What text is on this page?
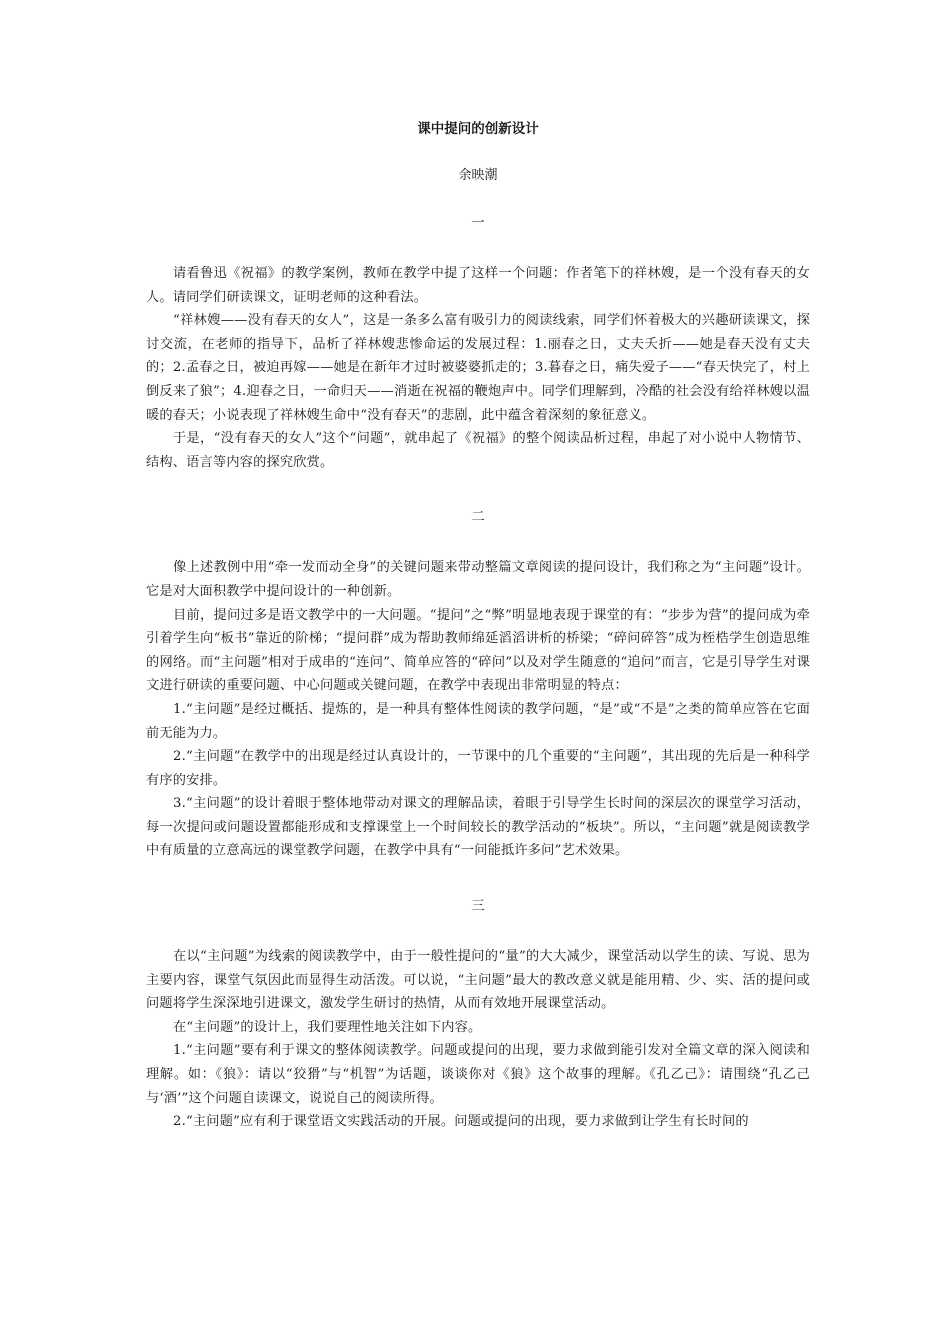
课中提问的创新设计
余映潮
一

请看鲁迅《祝福》的教学案例，教师在教学中提了这样一个问题：作者笔下的祥林嫂，是一个没有春天的女人。请同学们研读课文，证明老师的这种看法。

“祥林嫂——没有春天的女人”，这是一条多么富有吸引力的阅读线索，同学们怀着极大的兴趣研读课文，探讨交流，在老师的指导下，品析了祥林嫂悲惨命运的发展过程：1.丽春之日，丈夫夭折——她是春天没有丈夫的；2.孟春之日，被迫再嫁——她是在新年才过时被婆婆抓走的；3.暮春之日，痛失爱子——“春天快完了，村上倒反来了狼”；4.迎春之日，一命归天——消逝在祝福的鞭炮声中。同学们理解到，冷酷的社会没有给祥林嫂以温暖的春天；小说表现了祥林嫂生命中“没有春天”的悲剧，此中蕴含着深刻的象征意义。

于是，“没有春天的女人”这个“问题”，就串起了《祝福》的整个阅读品析过程，串起了对小说中人物情节、结构、语言等内容的探究欣赏。

二

像上述教例中用“牵一发而动全身”的关键问题来带动整篇文章阅读的提问设计，我们称之为“主问题”设计。它是对大面积教学中提问设计的一种创新。

目前，提问过多是语文教学中的一大问题。“提问”之“弊”明显地表现于课堂的有：“步步为营”的提问成为牵引着学生向“板书”靠近的阶梯；“提问群”成为帮助教师绵延滔滔讲析的桥梁；“碎问碎答”成为桎梏学生创造思维的网络。而“主问题”相对于成串的“连问”、简单应答的“碎问”以及对学生随意的“追问”而言，它是引导学生对课文进行研读的重要问题、中心问题或关键问题，在教学中表现出非常明显的特点：

1.“主问题”是经过概括、提炼的，是一种具有整体性阅读的教学问题，“是”或“不是”之类的简单应答在它面前无能为力。

2.“主问题”在教学中的出现是经过认真设计的，一节课中的几个重要的“主问题”，其出现的先后是一种科学有序的安排。

3.“主问题”的设计着眼于整体地带动对课文的理解品读，着眼于引导学生长时间的深层次的课堂学习活动，每一次提问或问题设置都能形成和支撑课堂上一个时间较长的教学活动的“板块”。所以，“主问题”就是阅读教学中有质量的立意高远的课堂教学问题，在教学中具有“一问能抵许多问”艺术效果。

三

在以“主问题”为线索的阅读教学中，由于一般性提问的“量”的大大减少，课堂活动以学生的读、写说、思为主要内容，课堂气氛因此而显得生动活泼。可以说，“主问题”最大的教改意义就是能用精、少、实、活的提问或问题将学生深深地引进课文，激发学生研讨的热情，从而有效地开展课堂活动。

在“主问题”的设计上，我们要理性地关注如下内容。

1.“主问题”要有利于课文的整体阅读教学。问题或提问的出现，要力求做到能引发对全篇文章的深入阅读和理解。如：《狼》：请以“狡猾”与“机智”为话题，谈谈你对《狼》这个故事的理解。《孔乙己》：请围绕“孔乙己与‘酒’”这个问题自读课文，说说自己的阅读所得。

2.“主问题”应有利于课堂语文实践活动的开展。问题或提问的出现，要力求做到让学生有长时间的
